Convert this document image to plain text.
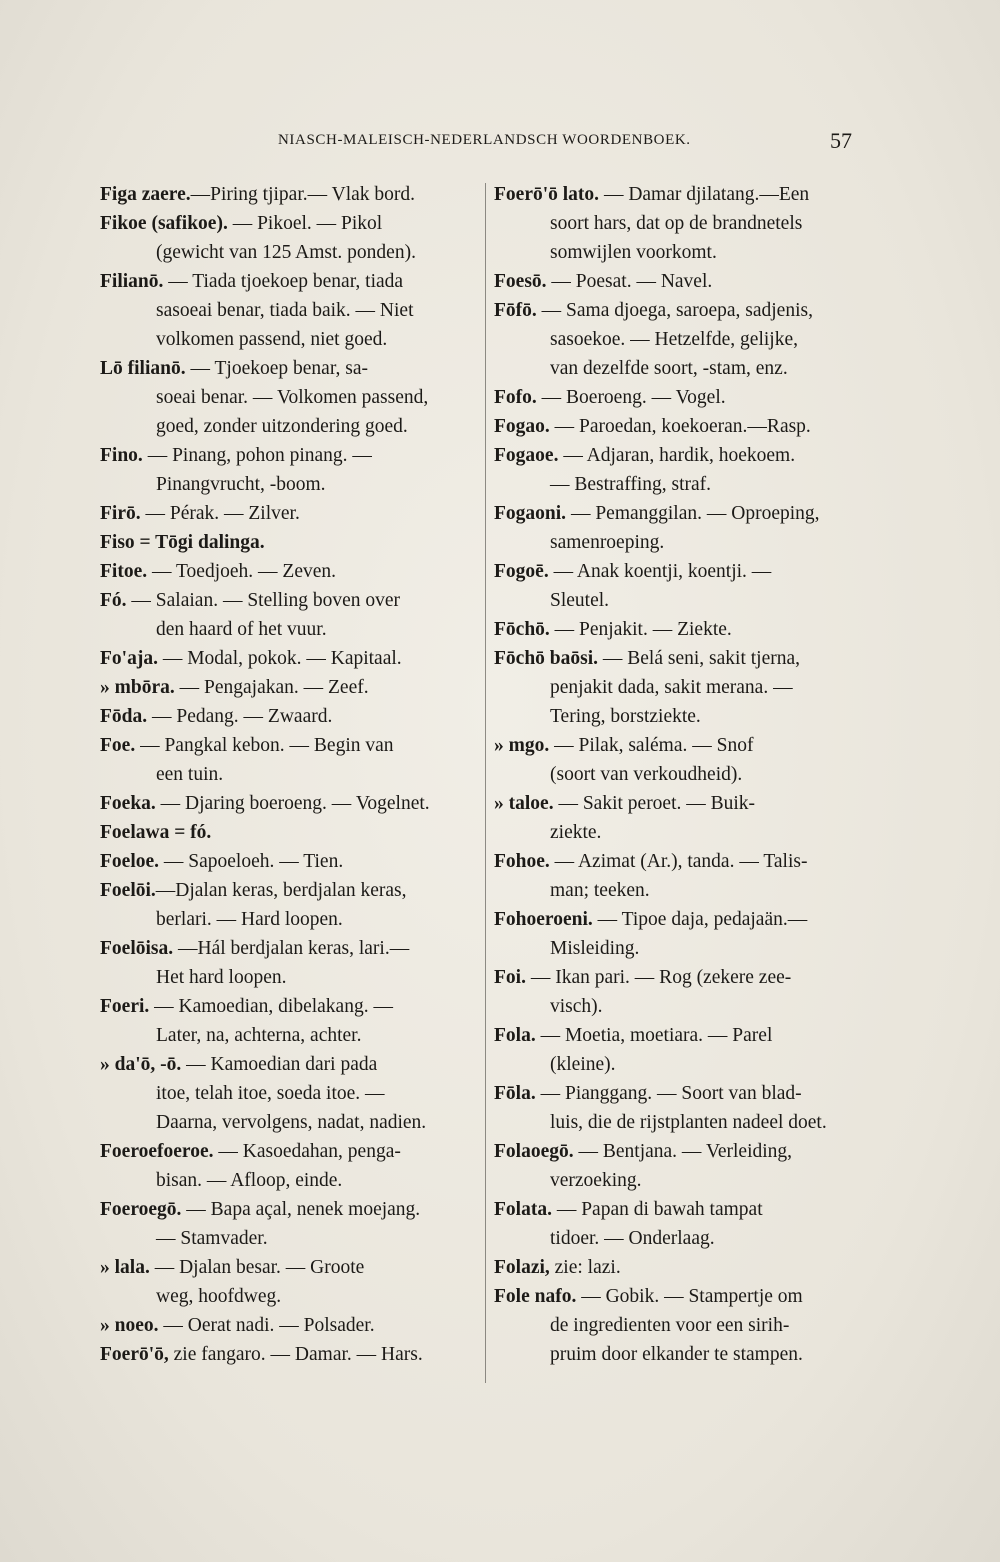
NIASCH-MALEISCH-NEDERLANDSCH WOORDENBOEK.	57
Figa zaere.—Piring tjipar.— Vlak bord.
Fikoe (safikoe). — Pikoel. — Pikol
(gewicht van 125 Amst. ponden).
Filianō. — Tiada tjoekoep benar, tiada
sasoeai benar, tiada baik. — Niet
volkomen passend, niet goed.
Lō filianō. — Tjoekoep benar, sa-
soeai benar. — Volkomen passend,
goed, zonder uitzondering goed.
Fino. — Pinang, pohon pinang. —
Pinangvrucht, -boom.
Firō. — Pérak. — Zilver.
Fiso = Tōgi dalinga.
Fitoe. — Toedjoeh. — Zeven.
Fó. — Salaian. — Stelling boven over
den haard of het vuur.
Fo'aja. — Modal, pokok. — Kapitaal.
» mbōra. — Pengajakan. — Zeef.
Fōda. — Pedang. — Zwaard.
Foe. — Pangkal kebon. — Begin van
een tuin.
Foeka. — Djaring boeroeng. — Vogelnet.
Foelawa = fó.
Foeloe. — Sapoeloeh. — Tien.
Foelōi.—Djalan keras, berdjalan keras,
berlari. — Hard loopen.
Foelōisa. —Hál berdjalan keras, lari.—
Het hard loopen.
Foeri. — Kamoedian, dibelakang. —
Later, na, achterna, achter.
» da'ō, -ō. — Kamoedian dari pada
itoe, telah itoe, soeda itoe. —
Daarna, vervolgens, nadat, nadien.
Foeroefoeroe. — Kasoedahan, penga-
bisan. — Afloop, einde.
Foeroegō. — Bapa açal, nenek moejang.
— Stamvader.
» lala. — Djalan besar. — Groote
weg, hoofdweg.
» noeo. — Oerat nadi. — Polsader.
Foerō'ō, zie fangaro. — Damar. — Hars.
Foerō'ō lato. — Damar djilatang.—Een
soort hars, dat op de brandnetels
somwijlen voorkomt.
Foesō. — Poesat. — Navel.
Fōfō. — Sama djoega, saroepa, sadjenis,
sasoekoe. — Hetzelfde, gelijke,
van dezelfde soort, -stam, enz.
Fofo. — Boeroeng. — Vogel.
Fogao. — Paroedan, koekoeran.—Rasp.
Fogaoe. — Adjaran, hardik, hoekoem.
— Bestraffing, straf.
Fogaoni. — Pemanggilan. — Oproeping,
samenroeping.
Fogoē. — Anak koentji, koentji. —
Sleutel.
Fōchō. — Penjakit. — Ziekte.
Fōchō baōsi. — Belá seni, sakit tjerna,
penjakit dada, sakit merana. —
Tering, borstziekte.
» mgo. — Pilak, saléma. — Snof
(soort van verkoudheid).
» taloe. — Sakit peroet. — Buik-
ziekte.
Fohoe. — Azimat (Ar.), tanda. — Talis-
man; teeken.
Fohoeroeni. — Tipoe daja, pedajaän.—
Misleiding.
Foi. — Ikan pari. — Rog (zekere zee-
visch).
Fola. — Moetia, moetiara. — Parel
(kleine).
Fōla. — Pianggang. — Soort van blad-
luis, die de rijstplanten nadeel doet.
Folaoegō. — Bentjana. — Verleiding,
verzoeking.
Folata. — Papan di bawah tampat
tidoer. — Onderlaag.
Folazi, zie: lazi.
Fole nafo. — Gobik. — Stampertje om
de ingredienten voor een sirih-
pruim door elkander te stampen.
